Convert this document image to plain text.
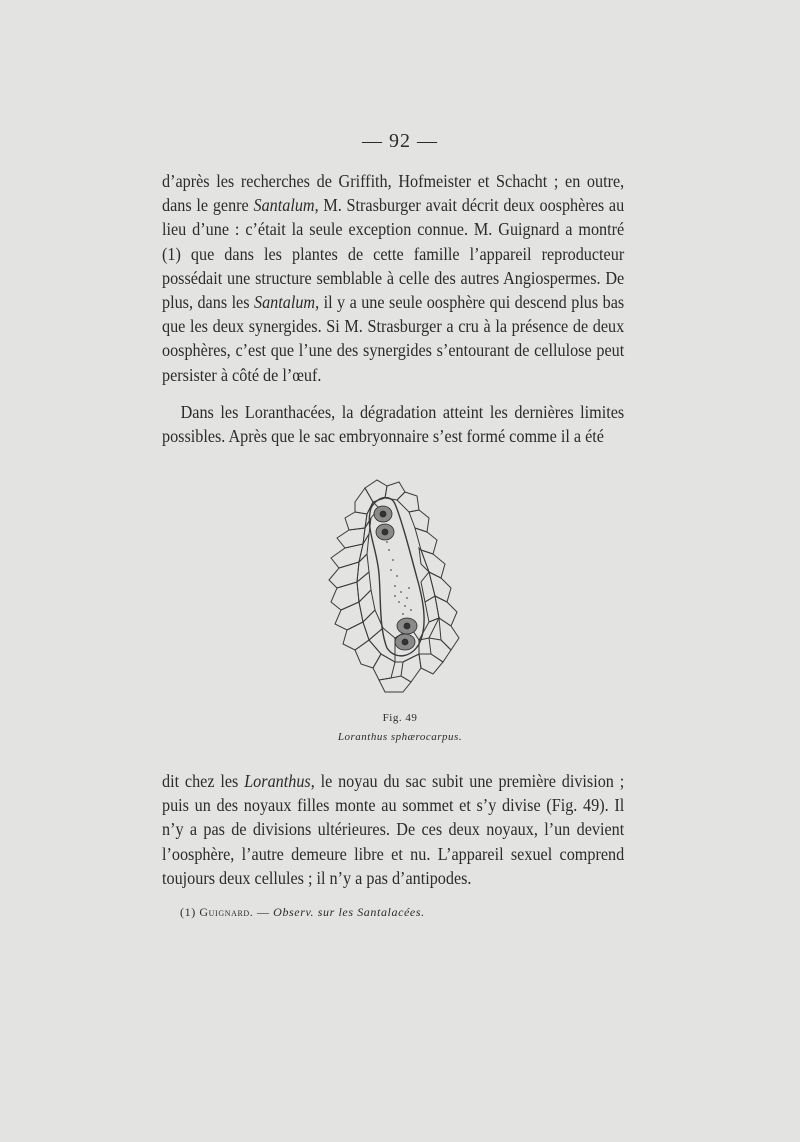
— 92 —

d’après les recherches de Griffith, Hofmeister et Schacht ; en outre, dans le genre Santalum, M. Strasburger avait décrit deux oosphères au lieu d’une : c’était la seule exception connue. M. Guignard a montré (1) que dans les plantes de cette famille l’appareil reproducteur possédait une structure semblable à celle des autres Angiospermes. De plus, dans les Santalum, il y a une seule oosphère qui descend plus bas que les deux synergides. Si M. Strasburger a cru à la présence de deux oosphères, c’est que l’une des synergides s’entourant de cellulose peut persister à côté de l’œuf.

Dans les Loranthacées, la dégradation atteint les dernières limites possibles. Après que le sac embryonnaire s’est formé comme il a été

Fig. 49
Loranthus sphærocarpus.

dit chez les Loranthus, le noyau du sac subit une première division ; puis un des noyaux filles monte au sommet et s’y divise (Fig. 49). Il n’y a pas de divisions ultérieures. De ces deux noyaux, l’un devient l’oosphère, l’autre demeure libre et nu. L’appareil sexuel comprend toujours deux cellules ; il n’y a pas d’antipodes.

(1) Guignard. — Observ. sur les Santalacées.
